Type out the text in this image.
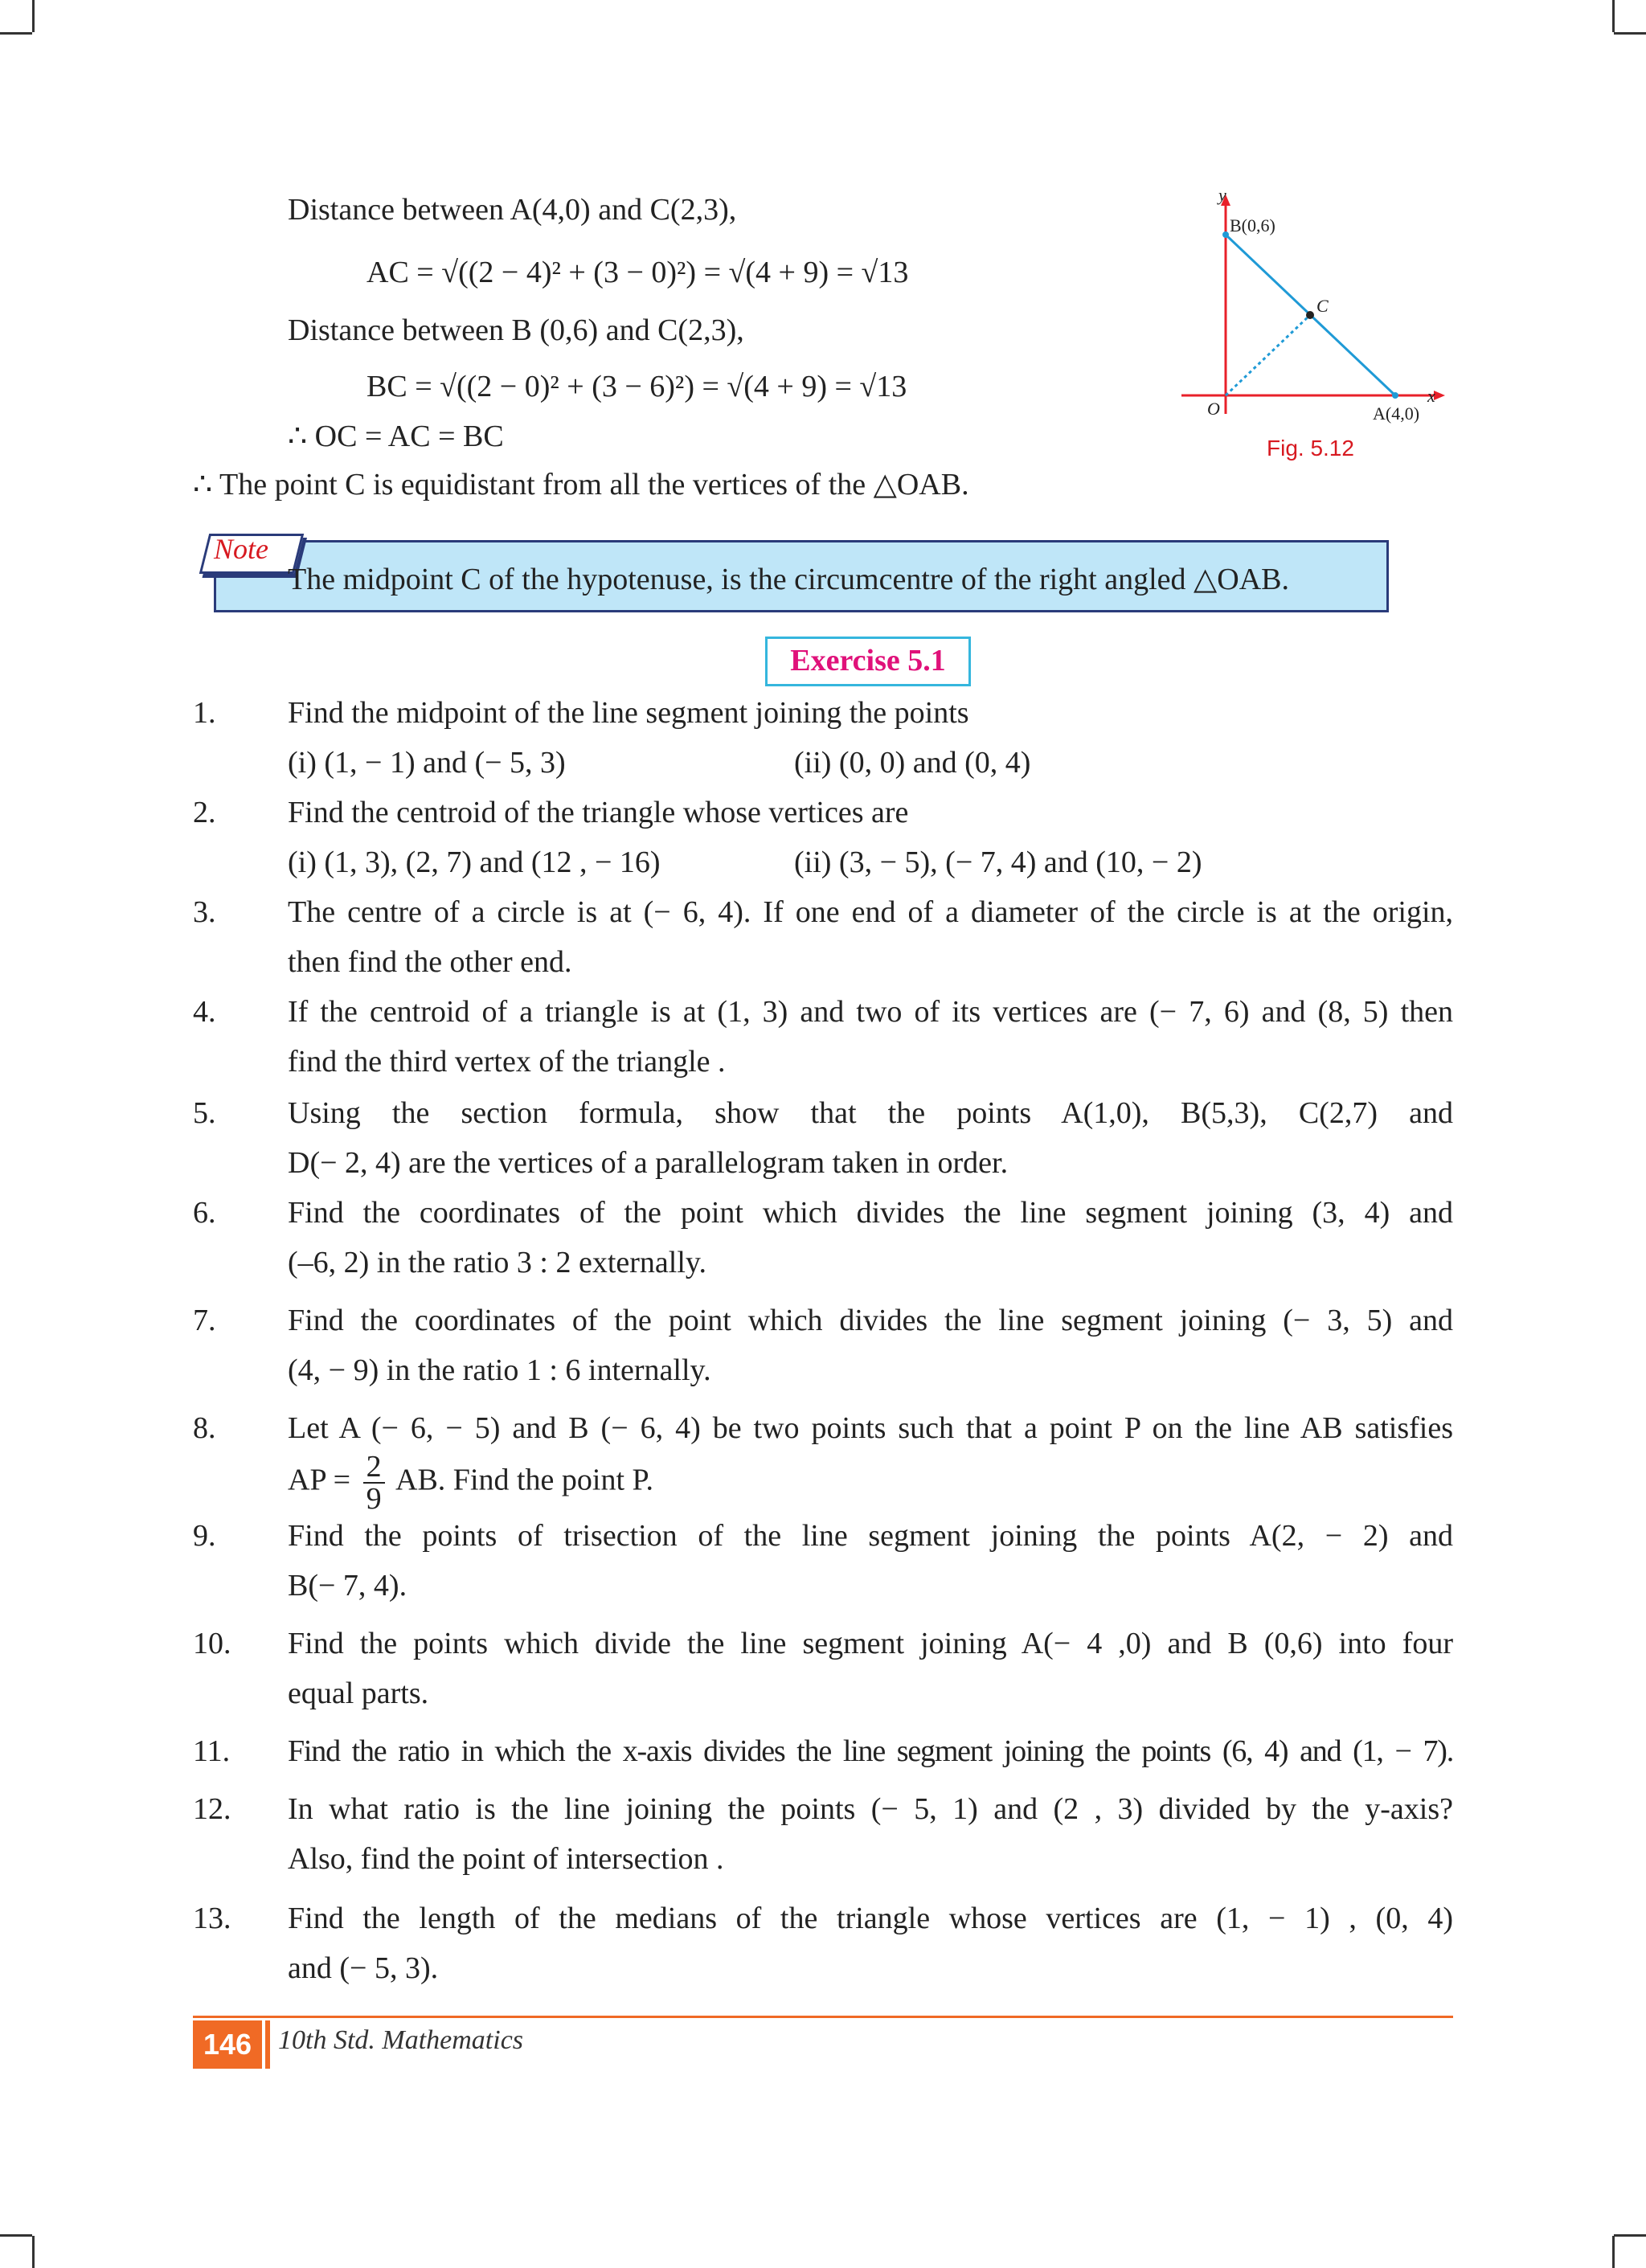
Distance between A(4,0) and C(2,3),
AC = √((2 − 4)² + (3 − 0)²) = √(4 + 9) = √13
Distance between B (0,6) and C(2,3),
BC = √((2 − 0)² + (3 − 6)²) = √(4 + 9) = √13
∴ OC = AC = BC
∴ The point C is equidistant from all the vertices of the △OAB.
y
B(0,6)
C
O
x
A(4,0)
Fig. 5.12
Note
The midpoint C of the hypotenuse, is the circumcentre of the right angled △OAB.
Exercise 5.1
1. Find the midpoint of the line segment joining the points
(i) (1, − 1) and (− 5, 3)	(ii) (0, 0) and (0, 4)
2. Find the centroid of the triangle whose vertices are
(i) (1, 3), (2, 7) and (12 , − 16)	(ii) (3, − 5), (− 7, 4) and (10, − 2)
3. The centre of a circle is at (− 6, 4). If one end of a diameter of the circle is at the origin,
then find the other end.
4. If the centroid of a triangle is at (1, 3) and two of its vertices are (− 7, 6) and (8, 5) then
find the third vertex of the triangle .
5. Using the section formula, show that the points A(1,0), B(5,3), C(2,7) and
D(− 2, 4) are the vertices of a parallelogram taken in order.
6. Find the coordinates of the point which divides the line segment joining (3, 4) and
(–6, 2) in the ratio 3 : 2 externally.
7. Find the coordinates of the point which divides the line segment joining (− 3, 5) and
(4, − 9) in the ratio 1 : 6 internally.
8. Let A (− 6, − 5) and B (− 6, 4) be two points such that a point P on the line AB satisfies
AP = $\frac{2}{9}$ AB. Find the point P.
9. Find the points of trisection of the line segment joining the points A(2, − 2) and
B(− 7, 4).
10. Find the points which divide the line segment joining A(− 4 ,0) and B (0,6) into four
equal parts.
11. Find the ratio in which the x-axis divides the line segment joining the points (6, 4) and (1, − 7).
12. In what ratio is the line joining the points (− 5, 1) and (2 , 3) divided by the y-axis?
Also, find the point of intersection .
13. Find the length of the medians of the triangle whose vertices are (1, − 1) , (0, 4)
and (− 5, 3).
146 10th Std. Mathematics
